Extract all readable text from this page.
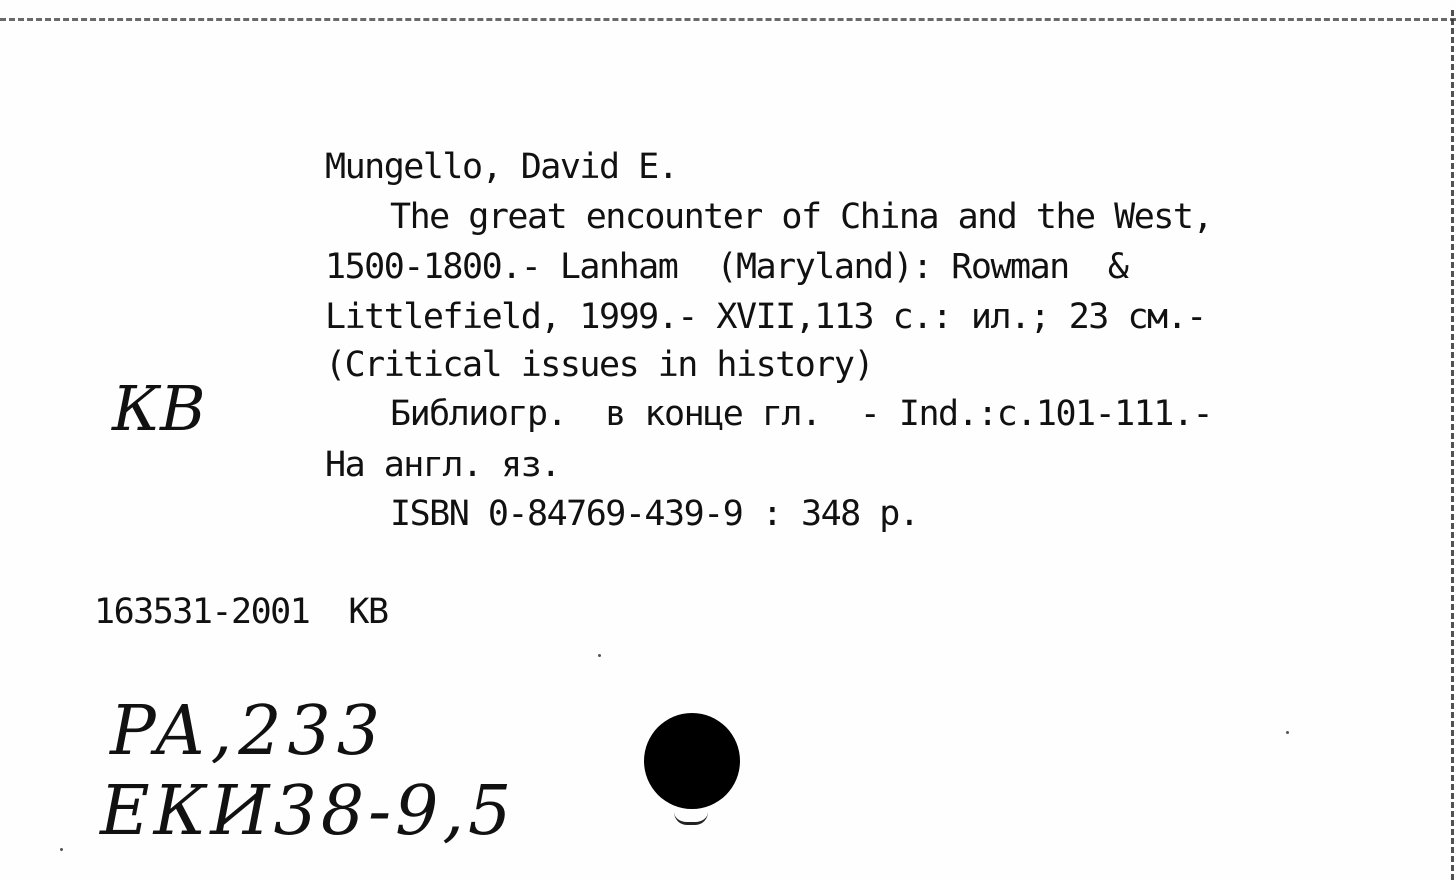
Mungello, David E.
The great encounter of China and the West,
1500-1800.- Lanham  (Maryland): Rowman  &
Littlefield, 1999.- XVII,113 с.: ил.; 23 см.-
(Critical issues in history)
Библиогр.  в конце гл.  - Ind.:c.101-111.-
На англ. яз.
ISBN 0-84769-439-9 : 348 р.
163531-2001  КВ
КВ
PA,233
ЕКИ38-9,5
